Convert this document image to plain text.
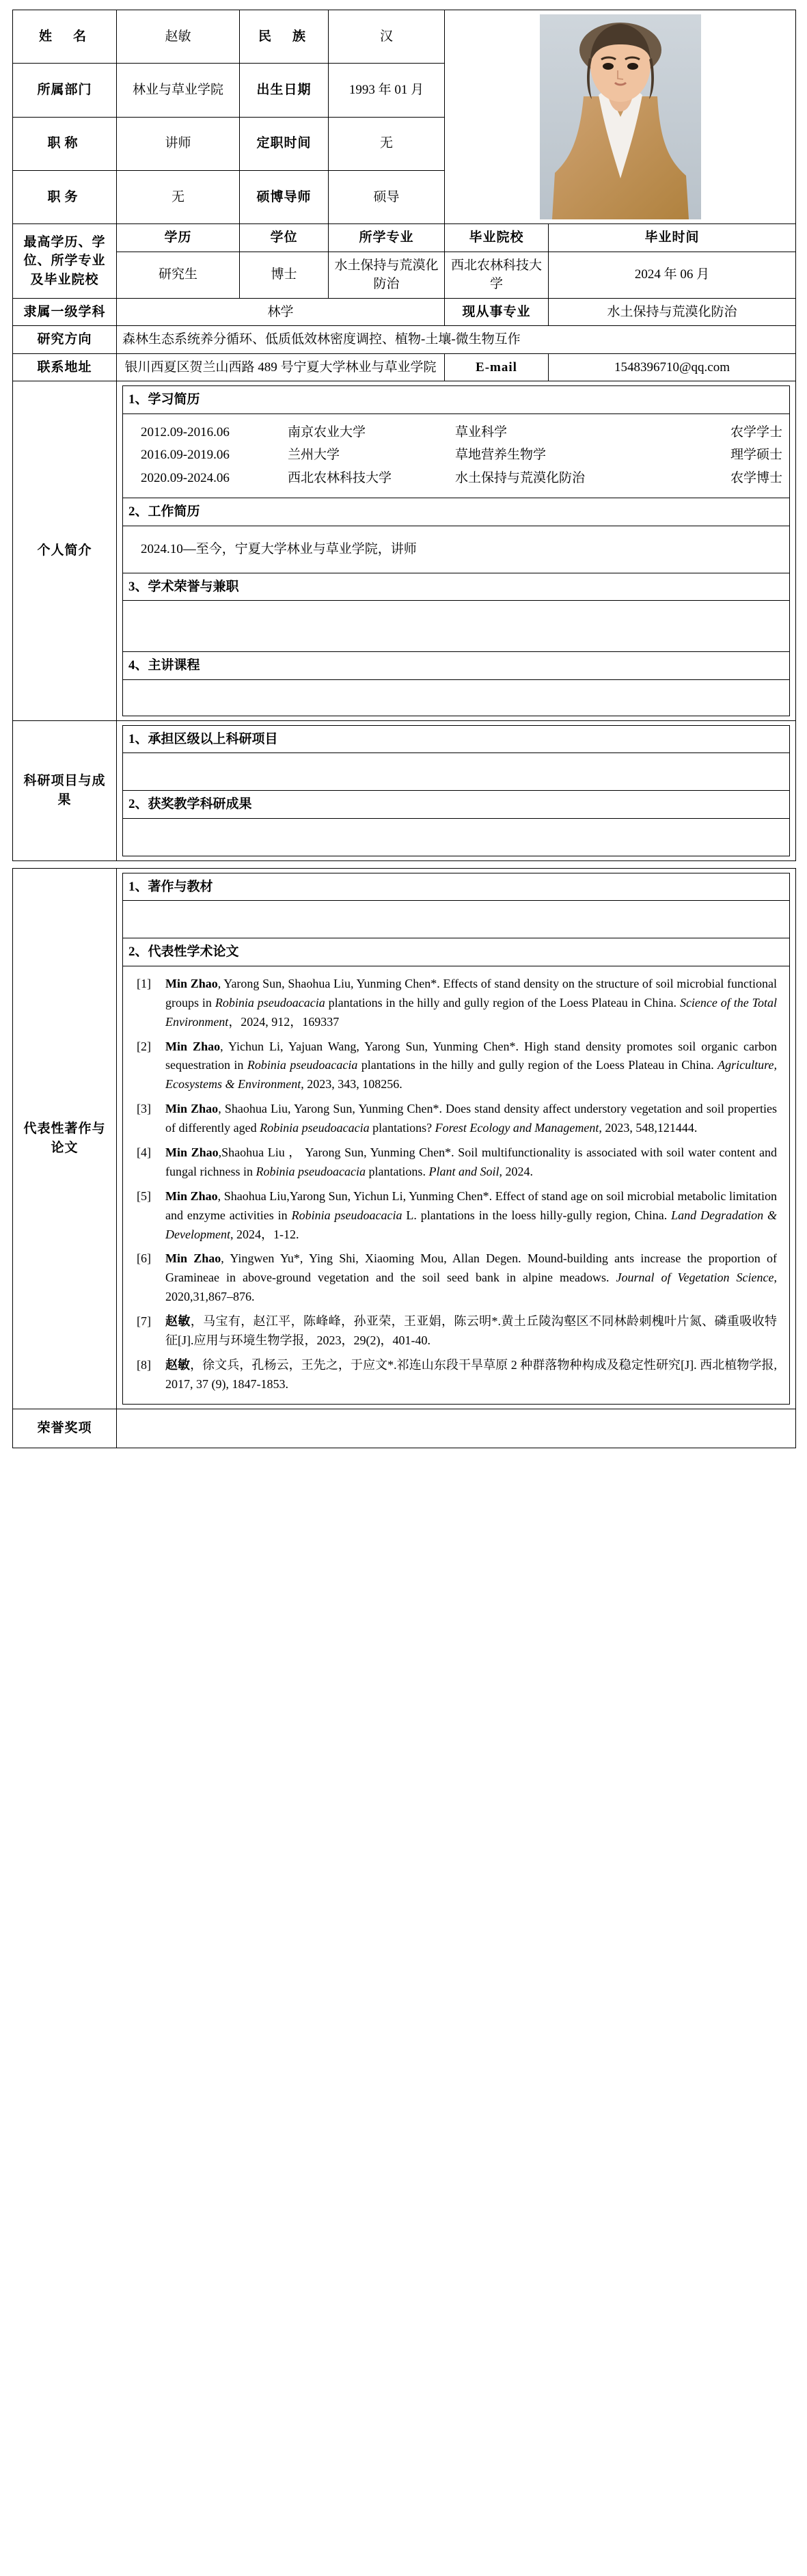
姓　名	赵敏	民　族	汉	

所属部门	林业与草业学院	出生日期	1993 年 01 月
职称	讲师	定职时间	无
职务	无	硕博导师	硕导
最高学历、学位、所学专业及毕业院校	学历	学位	所学专业	毕业院校	毕业时间
研究生	博士	水土保持与荒漠化防治	西北农林科技大学	2024 年 06 月
隶属一级学科	林学	现从事专业	水土保持与荒漠化防治
研究方向	森林生态系统养分循环、低质低效林密度调控、植物-土壤-微生物互作
联系地址	银川西夏区贺兰山西路 489 号宁夏大学林业与草业学院	E-mail	1548396710@qq.com
个人简介	
1、学习简历

2012.09-2016.06	南京农业大学	草业科学	农学学士
2016.09-2019.06	兰州大学	草地营养生物学	理学硕士
2020.09-2024.06	西北农林科技大学	水土保持与荒漠化防治	农学博士

2、工作简历

2024.10—至今，宁夏大学林业与草业学院，讲师

3、学术荣誉与兼职

4、主讲课程

科研项目与成果	
1、承担区级以上科研项目

2、获奖教学科研成果

代表性著作与论文	
1、著作与教材

2、代表性学术论文

[1]	Min Zhao, Yarong Sun, Shaohua Liu, Yunming Chen*. Effects of stand density on the structure of soil microbial functional groups in Robinia pseudoacacia plantations in the hilly and gully region of the Loess Plateau in China. Science of the Total Environment，2024, 912，169337
[2]	Min Zhao, Yichun Li, Yajuan Wang, Yarong Sun, Yunming Chen*. High stand density promotes soil organic carbon sequestration in Robinia pseudoacacia plantations in the hilly and gully region of the Loess Plateau in China. Agriculture, Ecosystems & Environment, 2023, 343, 108256.
[3]	Min Zhao, Shaohua Liu, Yarong Sun, Yunming Chen*. Does stand density affect understory vegetation and soil properties of differently aged Robinia pseudoacacia plantations? Forest Ecology and Management, 2023, 548,121444.
[4]	Min Zhao,Shaohua Liu ， Yarong Sun, Yunming Chen*. Soil multifunctionality is associated with soil water content and fungal richness in Robinia pseudoacacia plantations. Plant and Soil, 2024.
[5]	Min Zhao, Shaohua Liu,Yarong Sun, Yichun Li, Yunming Chen*. Effect of stand age on soil microbial metabolic limitation and enzyme activities in Robinia pseudoacacia L. plantations in the loess hilly-gully region, China. Land Degradation & Development, 2024，1-12.
[6]	Min Zhao, Yingwen Yu*, Ying Shi, Xiaoming Mou, Allan Degen. Mound-building ants increase the proportion of Gramineae in above-ground vegetation and the soil seed bank in alpine meadows. Journal of Vegetation Science, 2020,31,867–876.
[7]	赵敏，马宝有，赵江平，陈峰峰，孙亚荣，王亚娟，陈云明*.黄土丘陵沟壑区不同林龄刺槐叶片氮、磷重吸收特征[J].应用与环境生物学报，2023，29(2)，401-40.
[8]	赵敏，徐文兵，孔杨云，王先之，于应文*.祁连山东段干旱草原 2 种群落物种构成及稳定性研究[J]. 西北植物学报, 2017, 37 (9), 1847-1853.

荣誉奖项	
